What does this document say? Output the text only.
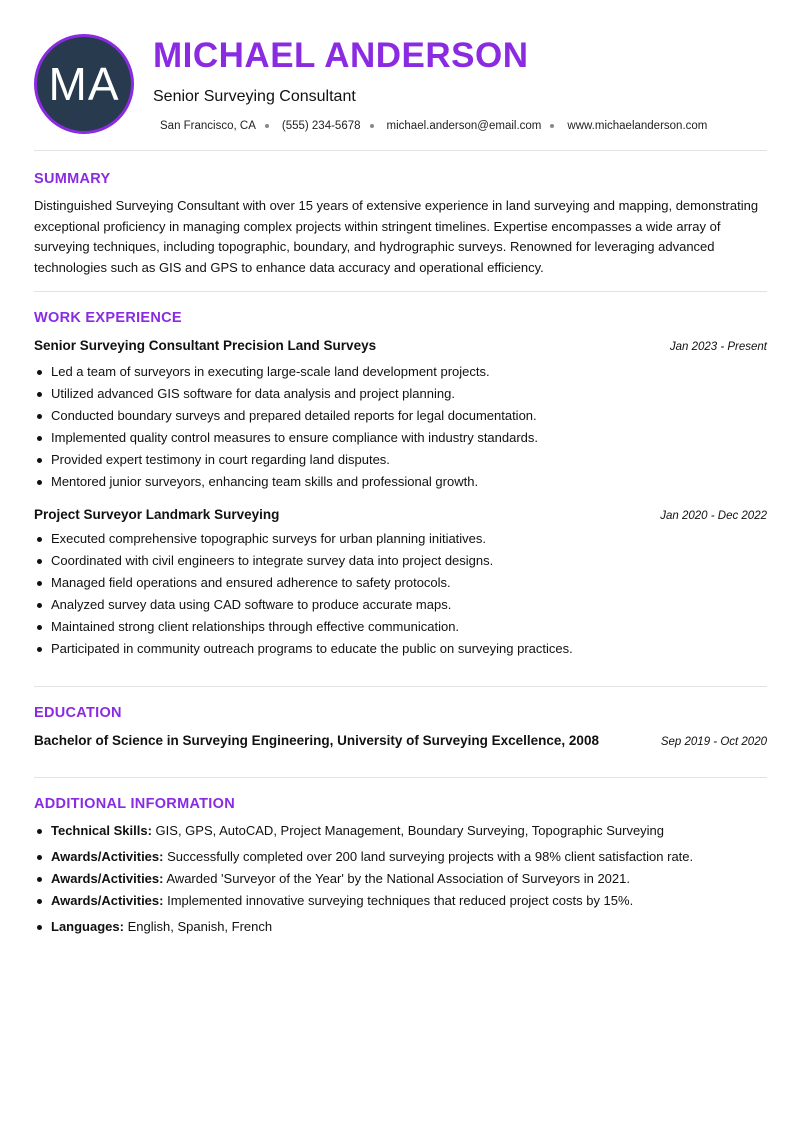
MA
MICHAEL ANDERSON
Senior Surveying Consultant
San Francisco, CA (555) 234-5678 michael.anderson@email.com www.michaelanderson.com
SUMMARY

Distinguished Surveying Consultant with over 15 years of extensive experience in land surveying and mapping, demonstrating exceptional proficiency in managing complex projects within stringent timelines. Expertise encompasses a wide array of surveying techniques, including topographic, boundary, and hydrographic surveys. Renowned for leveraging advanced technologies such as GIS and GPS to enhance data accuracy and operational efficiency.

WORK EXPERIENCE
Senior Surveying Consultant Precision Land Surveys	Jan 2023 - Present
Led a team of surveyors in executing large-scale land development projects.
Utilized advanced GIS software for data analysis and project planning.
Conducted boundary surveys and prepared detailed reports for legal documentation.
Implemented quality control measures to ensure compliance with industry standards.
Provided expert testimony in court regarding land disputes.
Mentored junior surveyors, enhancing team skills and professional growth.
Project Surveyor Landmark Surveying	Jan 2020 - Dec 2022
Executed comprehensive topographic surveys for urban planning initiatives.
Coordinated with civil engineers to integrate survey data into project designs.
Managed field operations and ensured adherence to safety protocols.
Analyzed survey data using CAD software to produce accurate maps.
Maintained strong client relationships through effective communication.
Participated in community outreach programs to educate the public on surveying practices.
EDUCATION
Bachelor of Science in Surveying Engineering, University of Surveying Excellence, 2008	Sep 2019 - Oct 2020
ADDITIONAL INFORMATION
Technical Skills: GIS, GPS, AutoCAD, Project Management, Boundary Surveying, Topographic Surveying
Awards/Activities: Successfully completed over 200 land surveying projects with a 98% client satisfaction rate.
Awards/Activities: Awarded 'Surveyor of the Year' by the National Association of Surveyors in 2021.
Awards/Activities: Implemented innovative surveying techniques that reduced project costs by 15%.
Languages: English, Spanish, French
